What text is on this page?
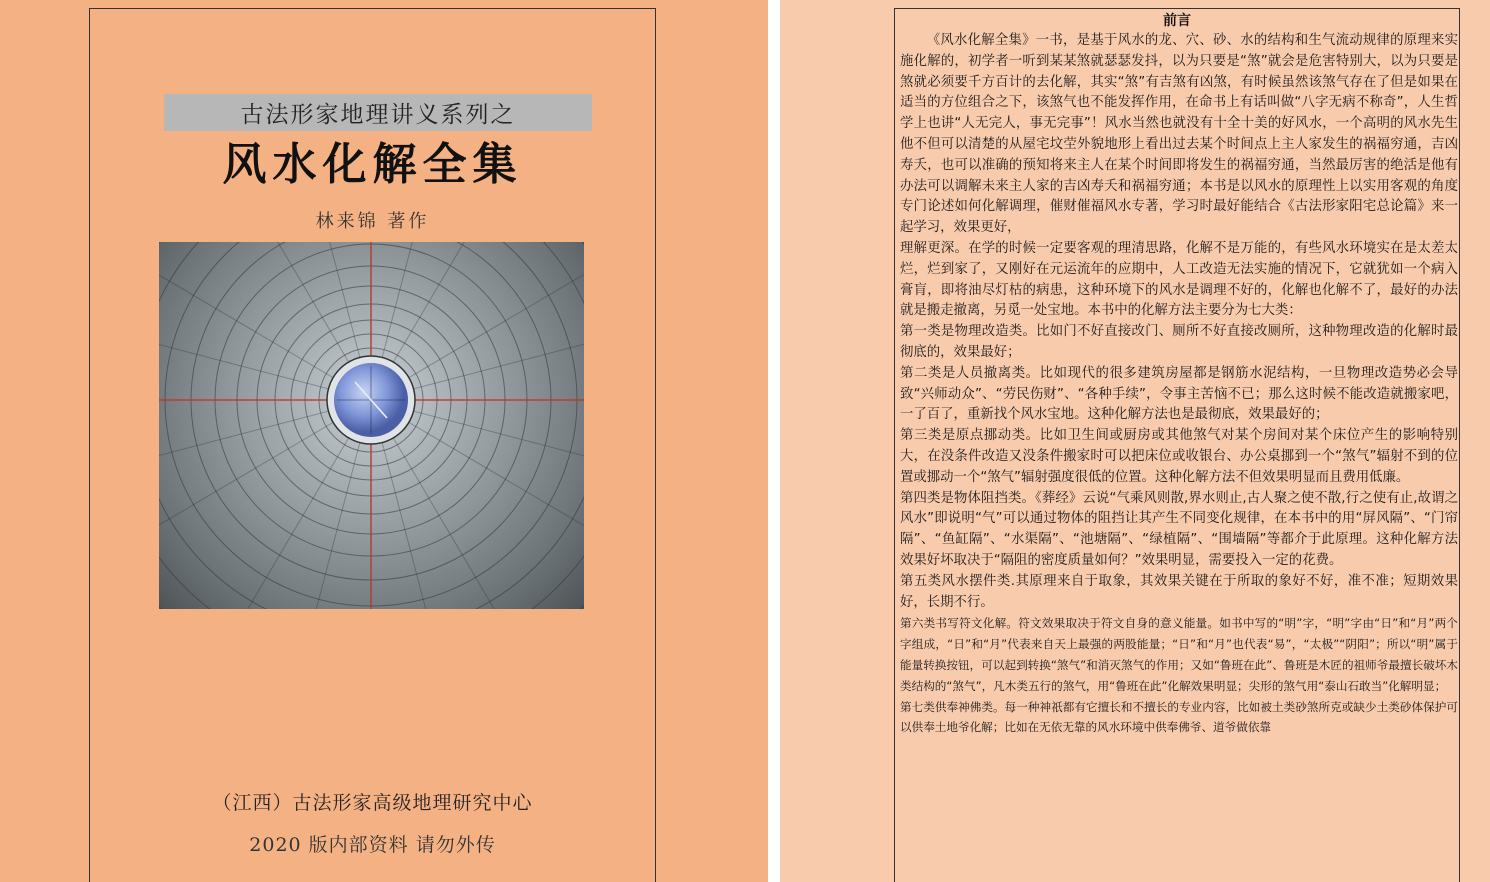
古法形家地理讲义系列之
风水化解全集
林来锦 著作
（江西）古法形家高级地理研究中心
2020 版内部资料 请勿外传
前言

《风水化解全集》一书，是基于风水的龙、穴、砂、水的结构和生气流动规律的原理来实施化解的，初学者一听到某某煞就瑟瑟发抖，以为只要是“煞”就会是危害特别大，以为只要是煞就必须要千方百计的去化解，其实“煞”有吉煞有凶煞，有时候虽然该煞气存在了但是如果在适当的方位组合之下，该煞气也不能发挥作用，在命书上有话叫做“八字无病不称奇”，人生哲学上也讲“人无完人，事无完事”！风水当然也就没有十全十美的好风水，一个高明的风水先生他不但可以清楚的从屋宅坟茔外貌地形上看出过去某个时间点上主人家发生的祸福穷通，吉凶寿夭，也可以准确的预知将来主人在某个时间即将发生的祸福穷通，当然最厉害的绝活是他有办法可以调解未来主人家的吉凶寿夭和祸福穷通；本书是以风水的原理性上以实用客观的角度专门论述如何化解调理，催财催福风水专著，学习时最好能结合《古法形家阳宅总论篇》来一起学习，效果更好，

理解更深。在学的时候一定要客观的理清思路，化解不是万能的，有些风水环境实在是太差太烂，烂到家了，又刚好在元运流年的应期中，人工改造无法实施的情况下，它就犹如一个病入膏肓，即将油尽灯枯的病患，这种环境下的风水是调理不好的，化解也化解不了，最好的办法就是搬走撤离，另觅一处宝地。本书中的化解方法主要分为七大类：

第一类是物理改造类。比如门不好直接改门、厕所不好直接改厕所，这种物理改造的化解时最彻底的，效果最好；

第二类是人员撤离类。比如现代的很多建筑房屋都是钢筋水泥结构，一旦物理改造势必会导致“兴师动众”、“劳民伤财”、“各种手续”，令事主苦恼不已；那么这时候不能改造就搬家吧，一了百了，重新找个风水宝地。这种化解方法也是最彻底，效果最好的；

第三类是原点挪动类。比如卫生间或厨房或其他煞气对某个房间对某个床位产生的影响特别大，在没条件改造又没条件搬家时可以把床位或收银台、办公桌挪到一个“煞气”辐射不到的位置或挪动一个“煞气”辐射强度很低的位置。这种化解方法不但效果明显而且费用低廉。

第四类是物体阻挡类。《葬经》云说“气乘风则散,界水则止,古人聚之使不散,行之使有止,故谓之风水”即说明“气”可以通过物体的阻挡让其产生不同变化规律，在本书中的用“屏风隔”、“门帘隔”、“鱼缸隔”、“水渠隔”、“池塘隔”、“绿植隔”、“围墙隔”等都介于此原理。这种化解方法效果好坏取决于“隔阻的密度质量如何？”效果明显，需要投入一定的花费。

第五类风水摆件类.其原理来自于取象，其效果关键在于所取的象好不好，准不准；短期效果好，长期不行。

第六类书写符文化解。符文效果取决于符文自身的意义能量。如书中写的“明”字，“明”字由“日”和“月”两个字组成，“日”和“月”代表来自天上最强的两股能量；“日”和“月”也代表“易”，“太极”“阴阳”；所以“明”属于能量转换按钮，可以起到转换“煞气”和消灭煞气的作用；又如“鲁班在此”、鲁班是木匠的祖师爷最擅长破坏木类结构的“煞气”，凡木类五行的煞气，用“鲁班在此”化解效果明显；尖形的煞气用“泰山石敢当”化解明显；

第七类供奉神佛类。每一种神祇都有它擅长和不擅长的专业内容，比如被土类砂煞所克或缺少土类砂体保护可以供奉土地爷化解；比如在无依无靠的风水环境中供奉佛爷、道爷做依靠
